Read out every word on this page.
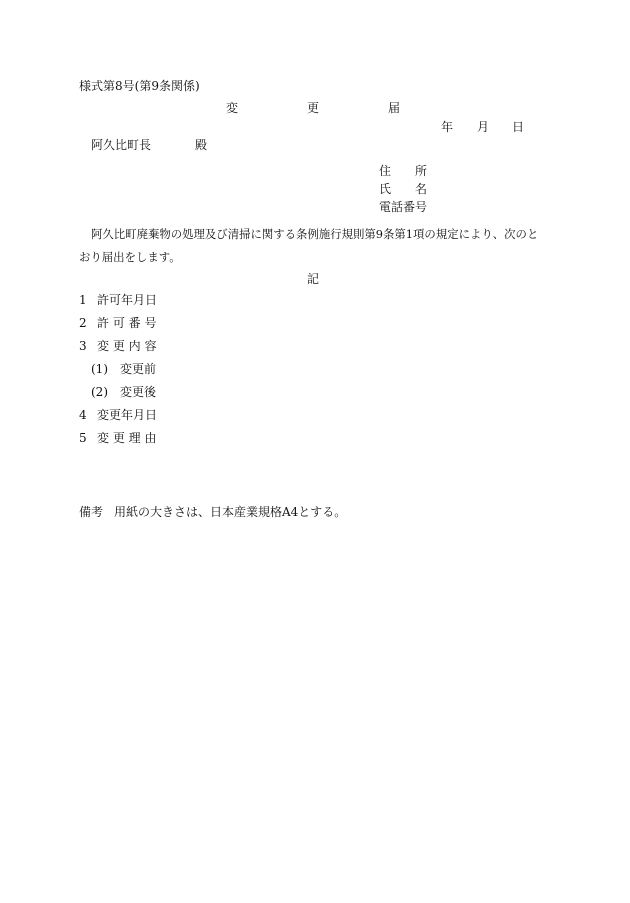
様式第8号(第9条関係)
変	更	届
年 月 日
阿久比町長	殿
住　　所
氏　　名
電話番号
阿久比町廃棄物の処理及び清掃に関する条例施行規則第9条第1項の規定により、次のと
おり届出をします。
記
1 許可年月日
2 許 可 番 号
3 変 更 内 容
(1) 変更前
(2) 変更後
4 変更年月日
5 変 更 理 由
備考 用紙の大きさは、日本産業規格A4とする。
